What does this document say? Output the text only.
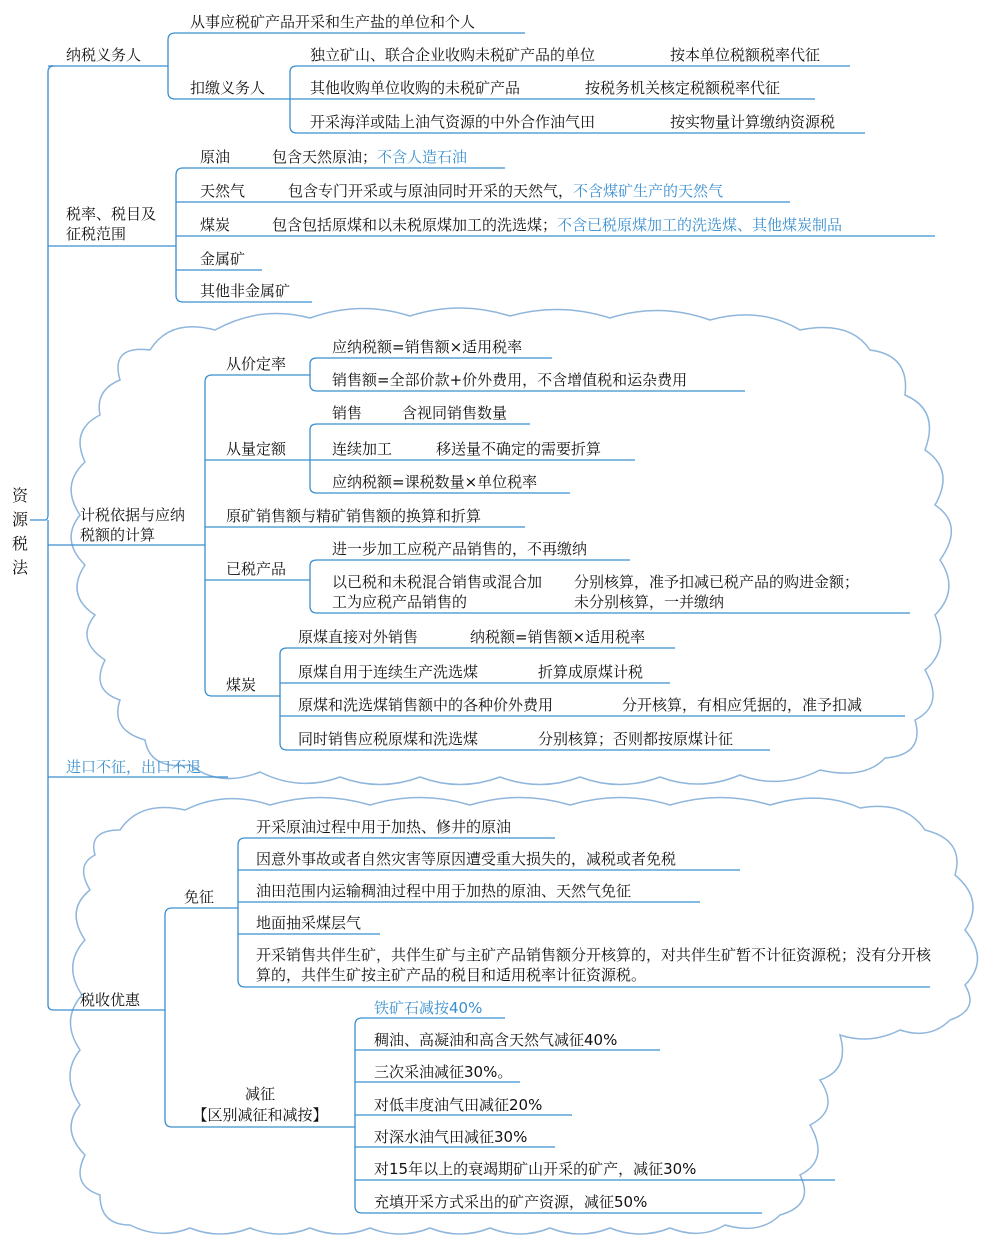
资源税法
纳税义务人
从事应税矿产品开采和生产盐的单位和个人
扣缴义务人
独立矿山、联合企业收购未税矿产品的单位	按本单位税额税率代征
其他收购单位收购的未税矿产品	按税务机关核定税额税率代征
开采海洋或陆上油气资源的中外合作油气田	按实物量计算缴纳资源税
税率、税目及征税范围
原油	包含天然原油；不含人造石油
天然气	包含专门开采或与原油同时开采的天然气，不含煤矿生产的天然气
煤炭	包含包括原煤和以未税原煤加工的洗选煤；不含已税原煤加工的洗选煤、其他煤炭制品
金属矿
其他非金属矿
计税依据与应纳税额的计算
从价定率
应纳税额=销售额×适用税率
销售额=全部价款+价外费用，不含增值税和运杂费用
从量定额
销售	含视同销售数量
连续加工	移送量不确定的需要折算
应纳税额=课税数量×单位税率
原矿销售额与精矿销售额的换算和折算
已税产品
进一步加工应税产品销售的，不再缴纳
以已税和未税混合销售或混合加工为应税产品销售的
分别核算，准予扣减已税产品的购进金额；
未分别核算，一并缴纳
煤炭
原煤直接对外销售	纳税额=销售额×适用税率
原煤自用于连续生产洗选煤	折算成原煤计税
原煤和洗选煤销售额中的各种价外费用	分开核算，有相应凭据的，准予扣减
同时销售应税原煤和洗选煤	分别核算；否则都按原煤计征
进口不征，出口不退
税收优惠
免征
开采原油过程中用于加热、修井的原油
因意外事故或者自然灾害等原因遭受重大损失的，减税或者免税
油田范围内运输稠油过程中用于加热的原油、天然气免征
地面抽采煤层气
开采销售共伴生矿，共伴生矿与主矿产品销售额分开核算的，对共伴生矿暂不计征资源税；没有分开核算的，共伴生矿按主矿产品的税目和适用税率计征资源税。
减征
【区别减征和减按】
铁矿石减按40%
稠油、高凝油和高含天然气减征40%
三次采油减征30%。
对低丰度油气田减征20%
对深水油气田减征30%
对15年以上的衰竭期矿山开采的矿产，减征30%
充填开采方式采出的矿产资源，减征50%
